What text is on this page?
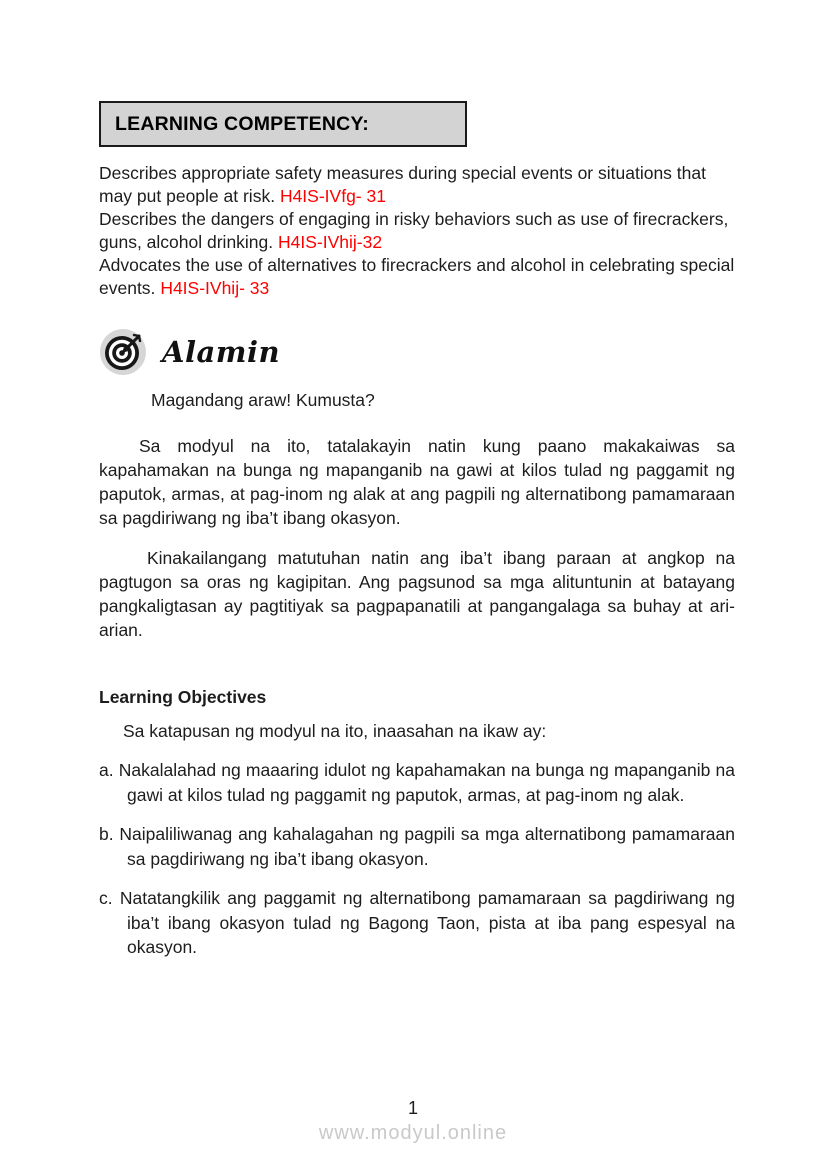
LEARNING COMPETENCY:

Describes appropriate safety measures during special events or situations that may put people at risk. H4IS-IVfg- 31

Describes the dangers of engaging in risky behaviors such as use of firecrackers, guns, alcohol drinking. H4IS-IVhij-32

Advocates the use of alternatives to firecrackers and alcohol in celebrating special events. H4IS-IVhij- 33

Alamin

Magandang araw! Kumusta?

Sa modyul na ito, tatalakayin natin kung paano makakaiwas sa kapahamakan na bunga ng mapanganib na gawi at kilos tulad ng paggamit ng paputok, armas, at pag-inom ng alak at ang pagpili ng alternatibong pamamaraan sa pagdiriwang ng iba’t ibang okasyon.

Kinakailangang matutuhan natin ang iba’t ibang paraan at angkop na pagtugon sa oras ng kagipitan. Ang pagsunod sa mga alituntunin at batayang pangkaligtasan ay pagtitiyak sa pagpapanatili at pangangalaga sa buhay at ari-arian.

Learning Objectives

Sa katapusan ng modyul na ito, inaasahan na ikaw ay:

a. Nakalalahad ng maaaring idulot ng kapahamakan na bunga ng mapanganib na gawi at kilos tulad ng paggamit ng paputok, armas, at pag-inom ng alak.

b. Naipaliliwanag ang kahalagahan ng pagpili sa mga alternatibong pamamaraan sa pagdiriwang ng iba’t ibang okasyon.

c. Natatangkilik ang paggamit ng alternatibong pamamaraan sa pagdiriwang ng iba’t ibang okasyon tulad ng Bagong Taon, pista at iba pang espesyal na okasyon.

1
www.modyul.online
